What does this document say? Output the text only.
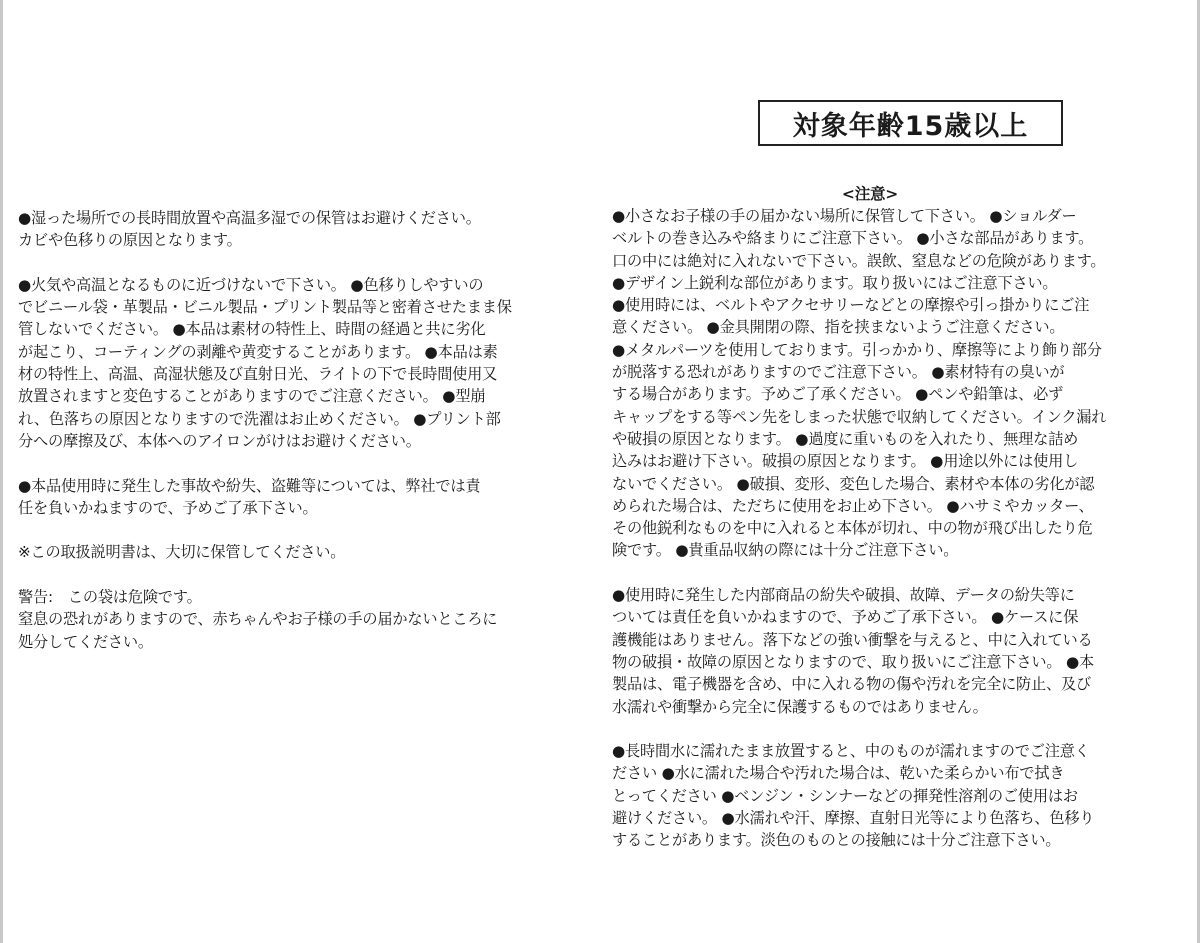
対象年齢15歳以上

●湿った場所での長時間放置や高温多湿での保管はお避けください。
カビや色移りの原因となります。

●火気や高温となるものに近づけないで下さい。 ●色移りしやすいの
でビニール袋・革製品・ビニル製品・プリント製品等と密着させたまま保
管しないでください。 ●本品は素材の特性上、時間の経過と共に劣化
が起こり、コーティングの剥離や黄変することがあります。 ●本品は素
材の特性上、高温、高湿状態及び直射日光、ライトの下で長時間使用又
放置されますと変色することがありますのでご注意ください。 ●型崩
れ、色落ちの原因となりますので洗濯はお止めください。 ●プリント部
分への摩擦及び、本体へのアイロンがけはお避けください。

●本品使用時に発生した事故や紛失、盗難等については、弊社では責
任を負いかねますので、予めご了承下さい。

※この取扱説明書は、大切に保管してください。

警告:　この袋は危険です。
窒息の恐れがありますので、赤ちゃんやお子様の手の届かないところに
処分してください。

<注意>

●小さなお子様の手の届かない場所に保管して下さい。 ●ショルダー
ベルトの巻き込みや絡まりにご注意下さい。 ●小さな部品があります。
口の中には絶対に入れないで下さい。誤飲、窒息などの危険があります。
●デザイン上鋭利な部位があります。取り扱いにはご注意下さい。
●使用時には、ベルトやアクセサリーなどとの摩擦や引っ掛かりにご注
意ください。 ●金具開閉の際、指を挟まないようご注意ください。
●メタルパーツを使用しております。引っかかり、摩擦等により飾り部分
が脱落する恐れがありますのでご注意下さい。 ●素材特有の臭いが
する場合があります。予めご了承ください。 ●ペンや鉛筆は、必ず
キャップをする等ペン先をしまった状態で収納してください。インク漏れ
や破損の原因となります。 ●過度に重いものを入れたり、無理な詰め
込みはお避け下さい。破損の原因となります。 ●用途以外には使用し
ないでください。 ●破損、変形、変色した場合、素材や本体の劣化が認
められた場合は、ただちに使用をお止め下さい。 ●ハサミやカッター、
その他鋭利なものを中に入れると本体が切れ、中の物が飛び出したり危
険です。 ●貴重品収納の際には十分ご注意下さい。

●使用時に発生した内部商品の紛失や破損、故障、データの紛失等に
ついては責任を負いかねますので、予めご了承下さい。 ●ケースに保
護機能はありません。落下などの強い衝撃を与えると、中に入れている
物の破損・故障の原因となりますので、取り扱いにご注意下さい。 ●本
製品は、電子機器を含め、中に入れる物の傷や汚れを完全に防止、及び
水濡れや衝撃から完全に保護するものではありません。

●長時間水に濡れたまま放置すると、中のものが濡れますのでご注意く
ださい ●水に濡れた場合や汚れた場合は、乾いた柔らかい布で拭き
とってください ●ベンジン・シンナーなどの揮発性溶剤のご使用はお
避けください。 ●水濡れや汗、摩擦、直射日光等により色落ち、色移り
することがあります。淡色のものとの接触には十分ご注意下さい。
